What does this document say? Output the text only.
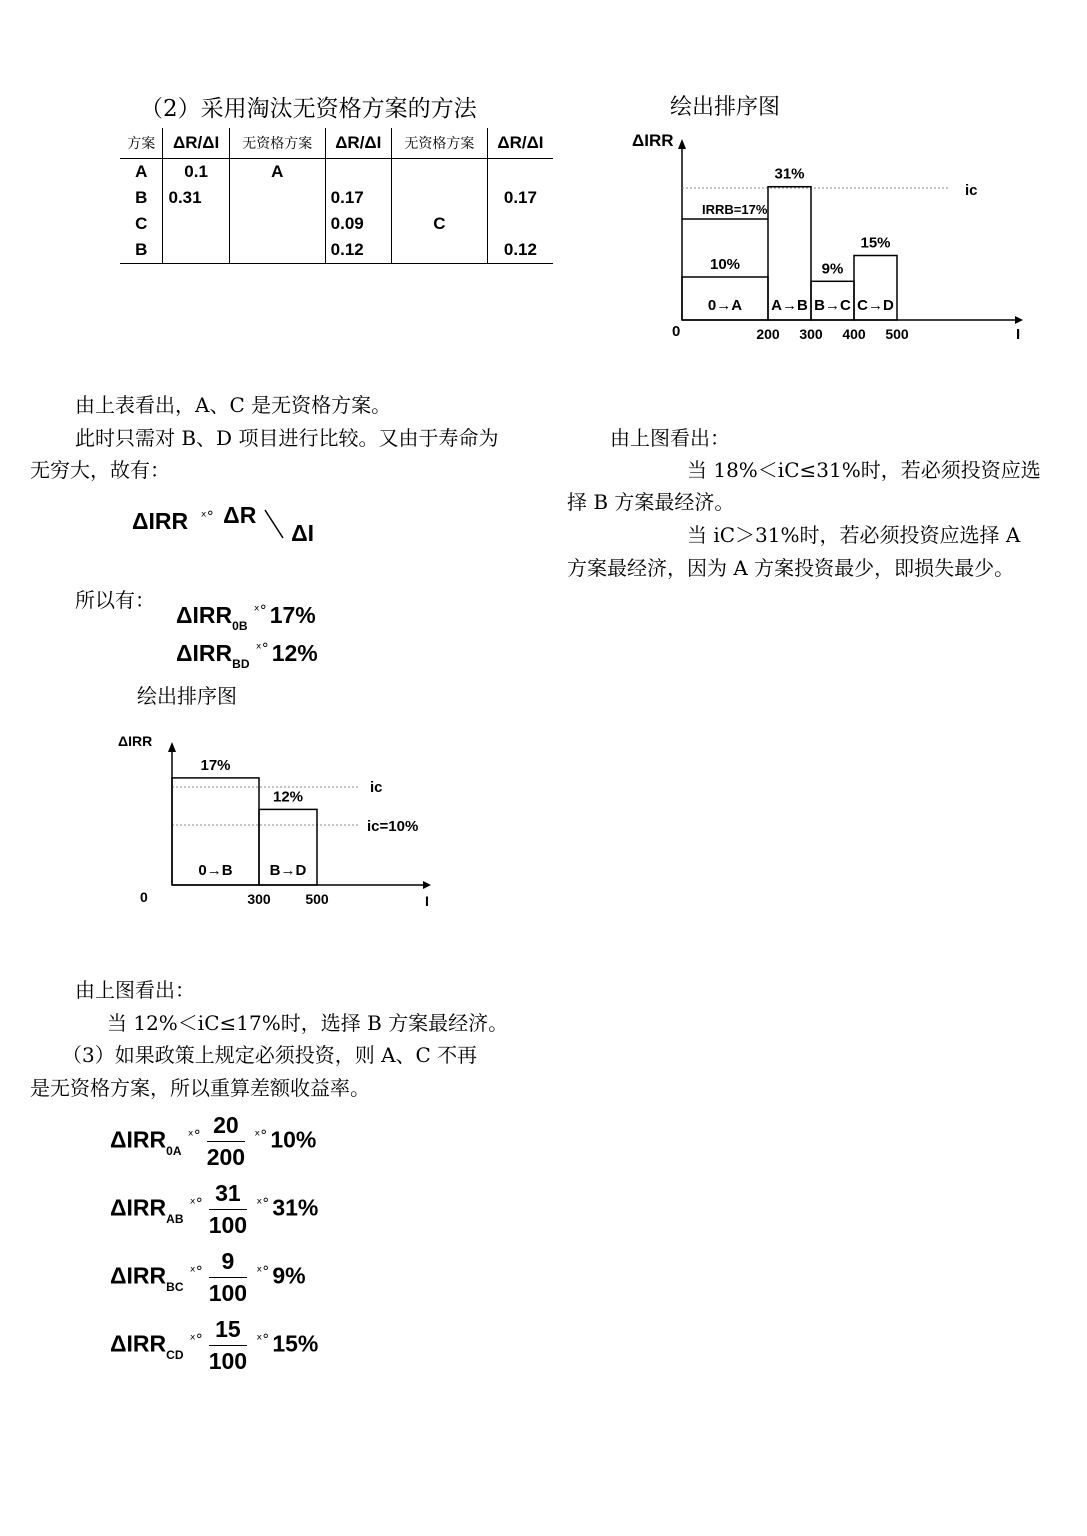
（2）采用淘汰无资格方案的方法	绘出排序图
方案	ΔR/ΔI	无资格方案	ΔR/ΔI	无资格方案	ΔR/ΔI
A	0.1	A			
B	0.31		0.17		0.17
C			0.09	C	
B			0.12		0.12
ΔIRR
I
0
ic
IRRB=17%
10%
0→A
31%
A→B
9%
B→C
15%
C→D
200 300 400 500
由上表看出，A、C 是无资格方案。
此时只需对 B、D 项目进行比较。又由于寿命为
无穷大，故有：
ΔIRR $^{ˣ^\circ}$ ΔR  ΔI
所以有：
$\Delta IRR_{0B}^{ˣ^\circ}$ 17%
$\Delta IRR_{BD}^{ˣ^\circ}$ 12%
绘出排序图
由上图看出：
当 18%＜iC≤31%时，若必须投资应选
择 B 方案最经济。
当 iC＞31%时，若必须投资应选择 A
方案最经济，因为 A 方案投资最少，即损失最少。
ΔIRR
I
0
ic
ic=10%
17%
0→B
12%
B→D
300 500
由上图看出：
当 12%＜iC≤17%时，选择 B 方案最经济。
（3）如果政策上规定必须投资，则 A、C 不再
是无资格方案，所以重算差额收益率。
$\Delta IRR_{0A}^{ˣ^\circ} \frac{20}{200} ^{ˣ^\circ}$ 10%
$\Delta IRR_{AB}^{ˣ^\circ} \frac{31}{100} ^{ˣ^\circ}$ 31%
$\Delta IRR_{BC}^{ˣ^\circ} \frac{9}{100} ^{ˣ^\circ}$ 9%
$\Delta IRR_{CD}^{ˣ^\circ} \frac{15}{100} ^{ˣ^\circ}$ 15%
